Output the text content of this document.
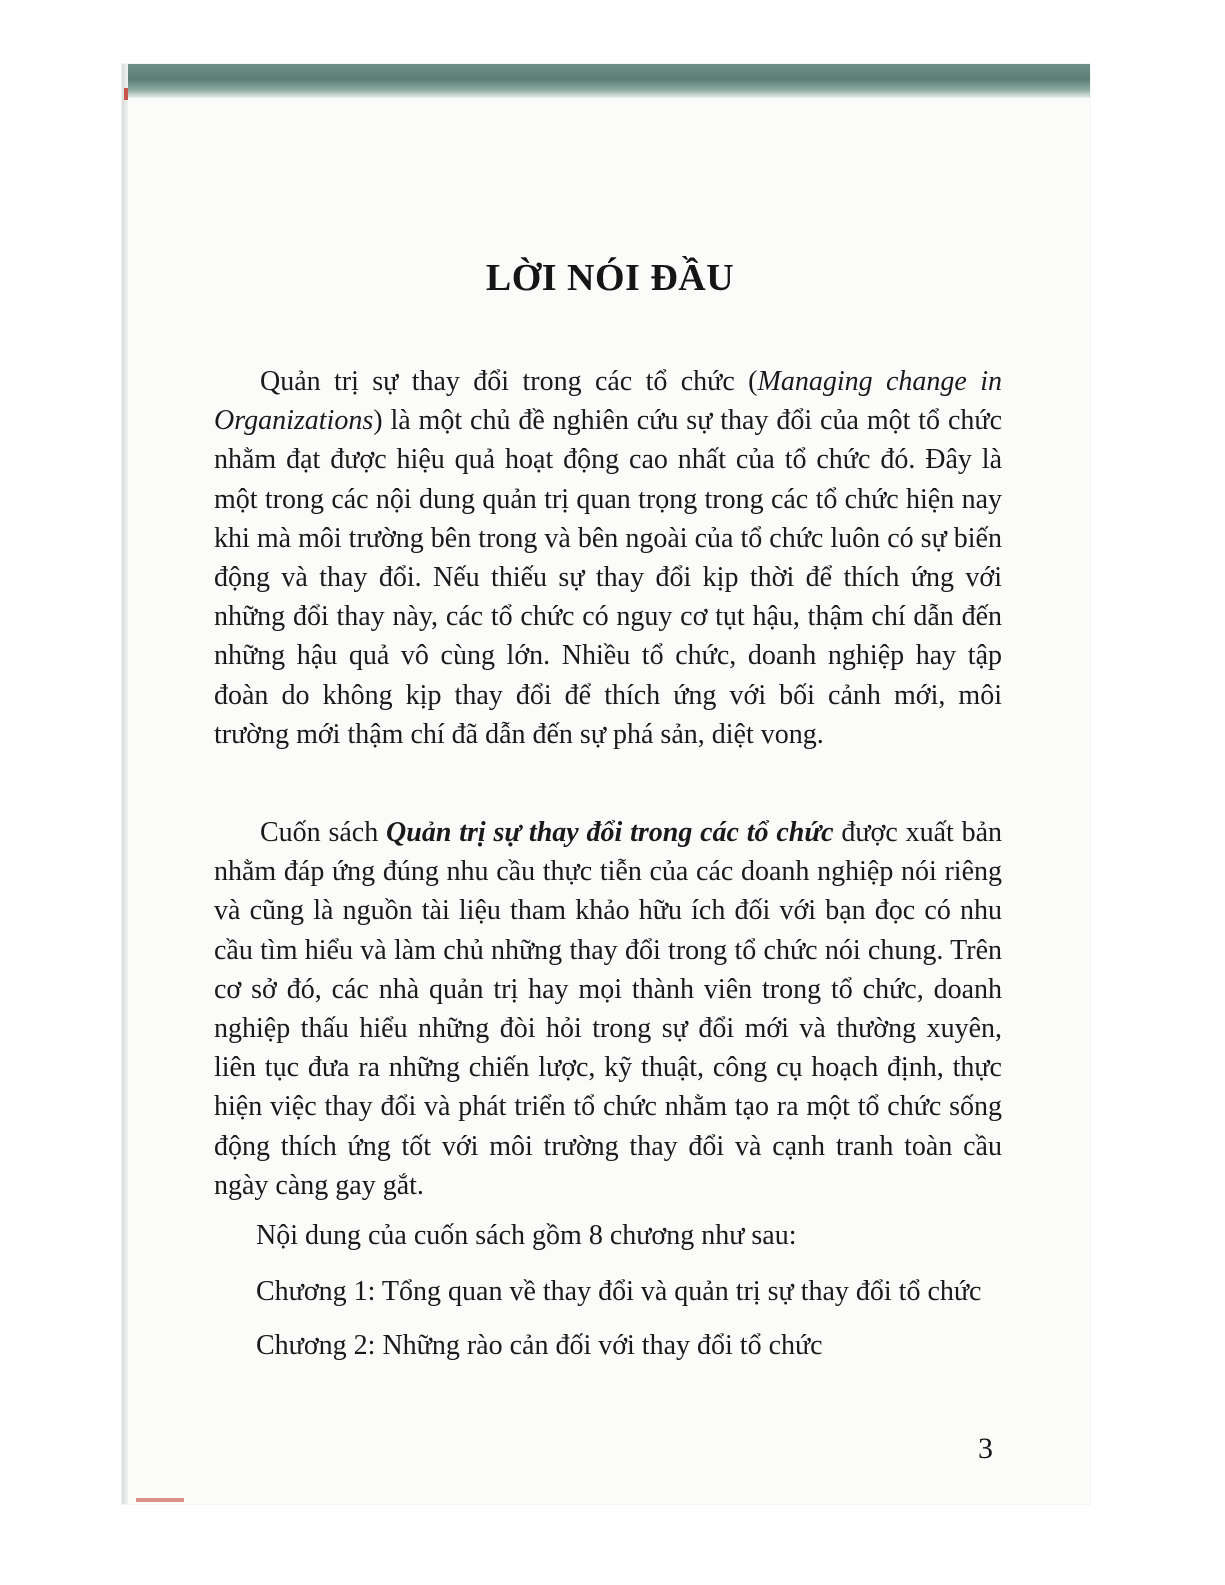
LỜI NÓI ĐẦU
Quản trị sự thay đổi trong các tổ chức (Managing change in Organizations) là một chủ đề nghiên cứu sự thay đổi của một tổ chức nhằm đạt được hiệu quả hoạt động cao nhất của tổ chức đó. Đây là một trong các nội dung quản trị quan trọng trong các tổ chức hiện nay khi mà môi trường bên trong và bên ngoài của tổ chức luôn có sự biến động và thay đổi. Nếu thiếu sự thay đổi kịp thời để thích ứng với những đổi thay này, các tổ chức có nguy cơ tụt hậu, thậm chí dẫn đến những hậu quả vô cùng lớn. Nhiều tổ chức, doanh nghiệp hay tập đoàn do không kịp thay đổi để thích ứng với bối cảnh mới, môi trường mới thậm chí đã dẫn đến sự phá sản, diệt vong.
Cuốn sách Quản trị sự thay đổi trong các tổ chức được xuất bản nhằm đáp ứng đúng nhu cầu thực tiễn của các doanh nghiệp nói riêng và cũng là nguồn tài liệu tham khảo hữu ích đối với bạn đọc có nhu cầu tìm hiểu và làm chủ những thay đổi trong tổ chức nói chung. Trên cơ sở đó, các nhà quản trị hay mọi thành viên trong tổ chức, doanh nghiệp thấu hiểu những đòi hỏi trong sự đổi mới và thường xuyên, liên tục đưa ra những chiến lược, kỹ thuật, công cụ hoạch định, thực hiện việc thay đổi và phát triển tổ chức nhằm tạo ra một tổ chức sống động thích ứng tốt với môi trường thay đổi và cạnh tranh toàn cầu ngày càng gay gắt.
Nội dung của cuốn sách gồm 8 chương như sau:
Chương 1: Tổng quan về thay đổi và quản trị sự thay đổi tổ chức
Chương 2: Những rào cản đối với thay đổi tổ chức
3
